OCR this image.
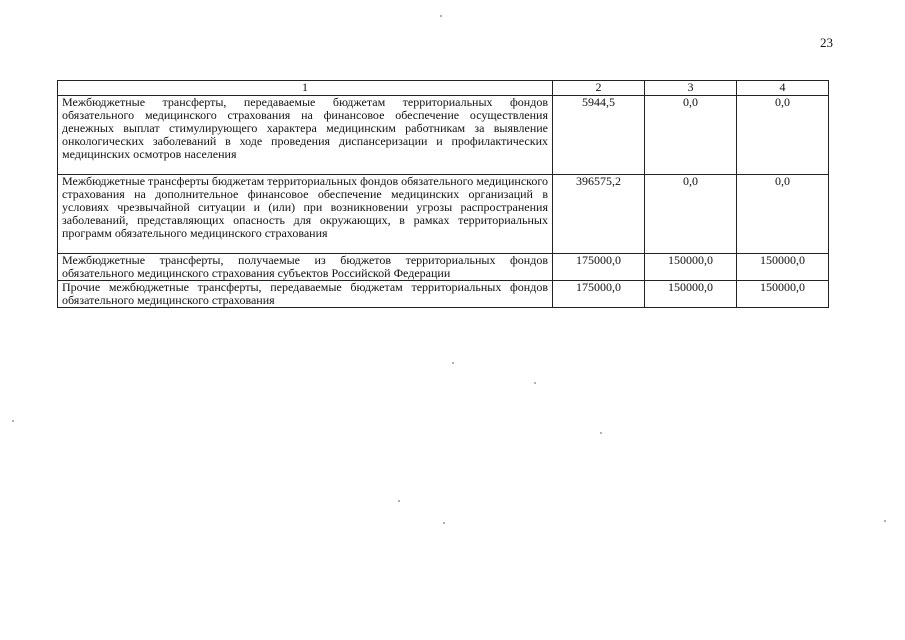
23
1	2	3	4
Межбюджетные трансферты, передаваемые бюджетам территориальных фондов обязательного медицинского страхования на финансовое обеспечение осуществления денежных выплат стимулирующего характера медицинским работникам за выявление онкологических заболеваний в ходе проведения диспансеризации и профилактических медицинских осмотров населения	5944,5	0,0	0,0
Межбюджетные трансферты бюджетам территориальных фондов обязательного медицинского страхования на дополнительное финансовое обеспечение медицинских организаций в условиях чрезвычайной ситуации и (или) при возникновении угрозы распространения заболеваний, представляющих опасность для окружающих, в рамках территориальных программ обязательного медицинского страхования	396575,2	0,0	0,0
Межбюджетные трансферты, получаемые из бюджетов территориальных фондов обязательного медицинского страхования субъектов Российской Федерации	175000,0	150000,0	150000,0
Прочие межбюджетные трансферты, передаваемые бюджетам территориальных фондов обязательного медицинского страхования	175000,0	150000,0	150000,0
